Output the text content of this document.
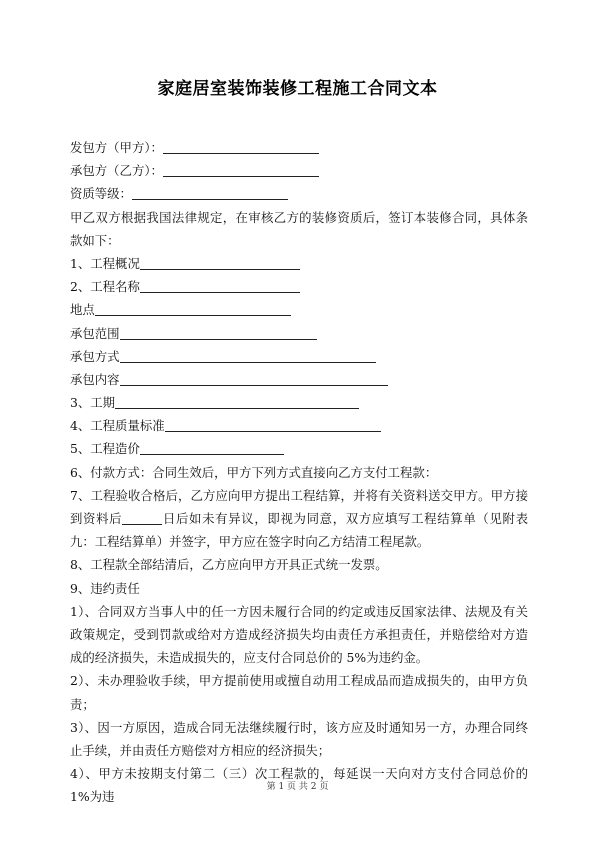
家庭居室装饰装修工程施工合同文本
发包方（甲方）：
承包方（乙方）：
资质等级：
甲乙双方根据我国法律规定，在审核乙方的装修资质后，签订本装修合同，具体条款如下：
1、工程概况
2、工程名称
地点
承包范围
承包方式
承包内容
3、工期
4、工程质量标准
5、工程造价
6、付款方式：合同生效后，甲方下列方式直接向乙方支付工程款：
7、工程验收合格后，乙方应向甲方提出工程结算，并将有关资料送交甲方。甲方接到资料后	日后如未有异议，即视为同意，双方应填写工程结算单（见附表九：工程结算单）并签字，甲方应在签字时向乙方结清工程尾款。
8、工程款全部结清后，乙方应向甲方开具正式统一发票。
9、违约责任
1）、合同双方当事人中的任一方因未履行合同的约定或违反国家法律、法规及有关政策规定，受到罚款或给对方造成经济损失均由责任方承担责任，并赔偿给对方造成的经济损失，未造成损失的，应支付合同总价的 5%为违约金。
2）、未办理验收手续，甲方提前使用或擅自动用工程成品而造成损失的，由甲方负责；
3）、因一方原因，造成合同无法继续履行时，该方应及时通知另一方，办理合同终止手续，并由责任方赔偿对方相应的经济损失；
4）、甲方未按期支付第二（三）次工程款的，每延误一天向对方支付合同总价的 1%为违
第 1 页 共 2 页
